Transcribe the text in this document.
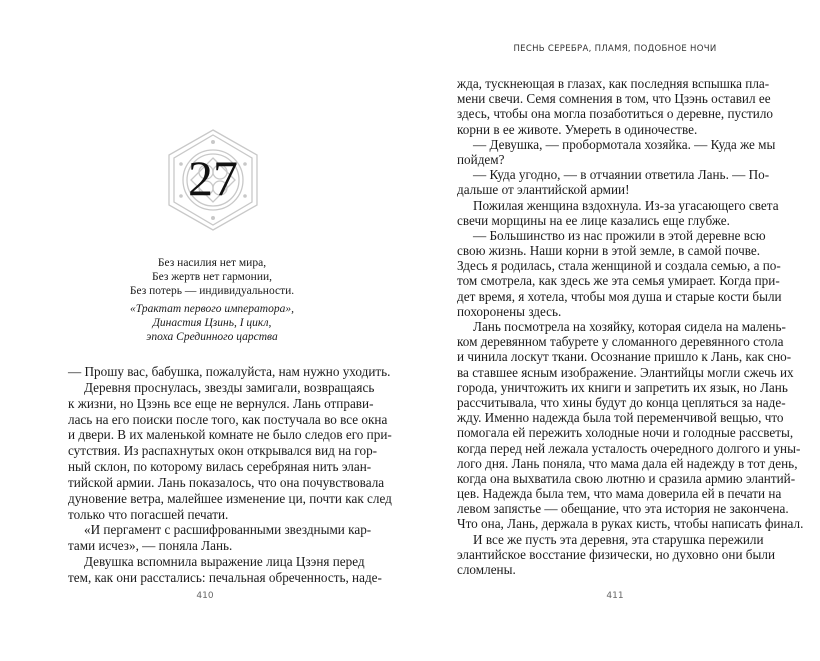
27
Без насилия нет мира,
Без жертв нет гармонии,
Без потерь — индивидуальности.
«Трактат первого императора»,
Династия Цзинь, I цикл,
эпоха Срединного царства
— Прошу вас, бабушка, пожалуйста, нам нужно уходить.
Деревня проснулась, звезды замигали, возвращаясь
к жизни, но Цзэнь все еще не вернулся. Лань отправи-
лась на его поиски после того, как постучала во все окна
и двери. В их маленькой комнате не было следов его при-
сутствия. Из распахнутых окон открывался вид на гор-
ный склон, по которому вилась серебряная нить элан-
тийской армии. Лань показалось, что она почувствовала
дуновение ветра, малейшее изменение ци, почти как след
только что погасшей печати.
«И пергамент с расшифрованными звездными кар-
тами исчез», — поняла Лань.
Девушка вспомнила выражение лица Цзэня перед
тем, как они расстались: печальная обреченность, наде-
410
ПЕСНЬ СЕРЕБРА, ПЛАМЯ, ПОДОБНОЕ НОЧИ
жда, тускнеющая в глазах, как последняя вспышка пла-
мени свечи. Семя сомнения в том, что Цзэнь оставил ее
здесь, чтобы она могла позаботиться о деревне, пустило
корни в ее животе. Умереть в одиночестве.
— Девушка, — пробормотала хозяйка. — Куда же мы
пойдем?
— Куда угодно, — в отчаянии ответила Лань. — По-
дальше от элантийской армии!
Пожилая женщина вздохнула. Из-за угасающего света
свечи морщины на ее лице казались еще глубже.
— Большинство из нас прожили в этой деревне всю
свою жизнь. Наши корни в этой земле, в самой почве.
Здесь я родилась, стала женщиной и создала семью, а по-
том смотрела, как здесь же эта семья умирает. Когда при-
дет время, я хотела, чтобы моя душа и старые кости были
похоронены здесь.
Лань посмотрела на хозяйку, которая сидела на малень-
ком деревянном табурете у сломанного деревянного стола
и чинила лоскут ткани. Осознание пришло к Лань, как сно-
ва ставшее ясным изображение. Элантийцы могли сжечь их
города, уничтожить их книги и запретить их язык, но Лань
рассчитывала, что хины будут до конца цепляться за наде-
жду. Именно надежда была той переменчивой вещью, что
помогала ей пережить холодные ночи и голодные рассветы,
когда перед ней лежала усталость очередного долгого и уны-
лого дня. Лань поняла, что мама дала ей надежду в тот день,
когда она выхватила свою лютню и сразила армию элантий-
цев. Надежда была тем, что мама доверила ей в печати на
левом запястье — обещание, что эта история не закончена.
Что она, Лань, держала в руках кисть, чтобы написать финал.
И все же пусть эта деревня, эта старушка пережили
элантийское восстание физически, но духовно они были
сломлены.
411
